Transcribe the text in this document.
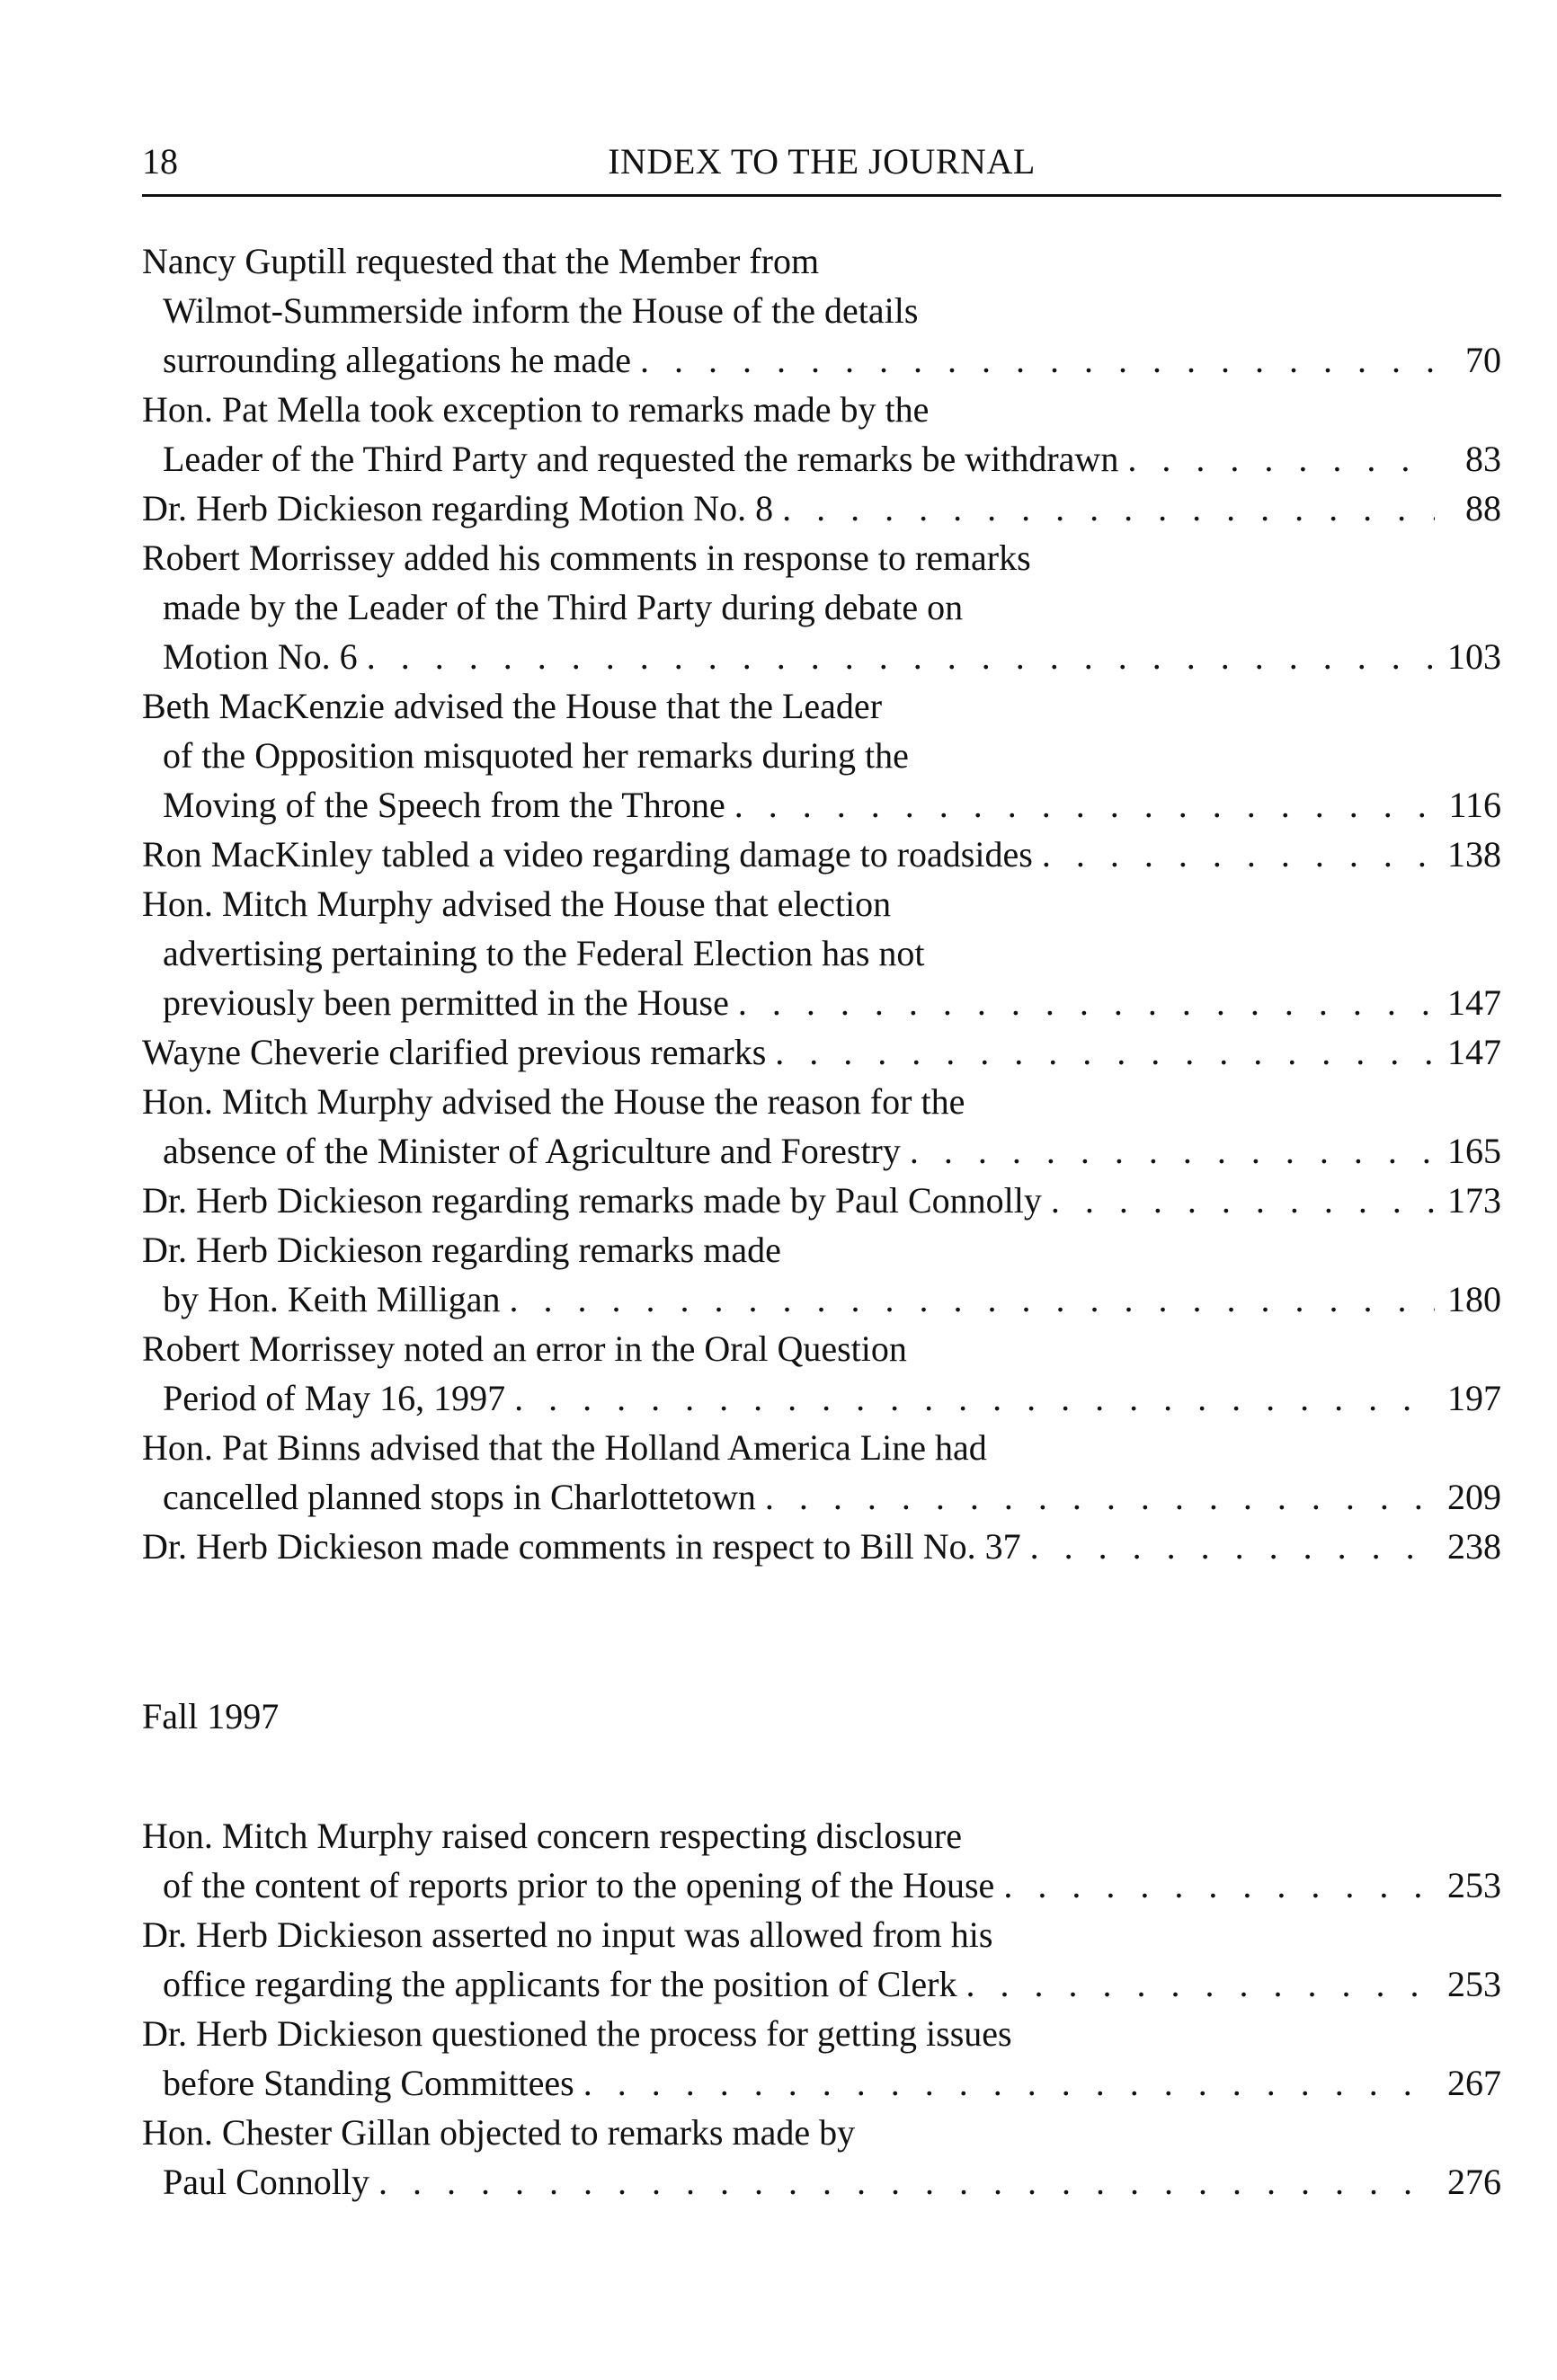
18	INDEX TO THE JOURNAL
Nancy Guptill requested that the Member from
Wilmot-Summerside inform the House of the details
surrounding allegations he made . . .	70
Hon. Pat Mella took exception to remarks made by the
Leader of the Third Party and requested the remarks be withdrawn . . .	83
Dr. Herb Dickieson regarding Motion No. 8 . . .	88
Robert Morrissey added his comments in response to remarks
made by the Leader of the Third Party during debate on
Motion No. 6 . . .	103
Beth MacKenzie advised the House that the Leader
of the Opposition misquoted her remarks during the
Moving of the Speech from the Throne . . .	116
Ron MacKinley tabled a video regarding damage to roadsides . . .	138
Hon. Mitch Murphy advised the House that election
advertising pertaining to the Federal Election has not
previously been permitted in the House . . .	147
Wayne Cheverie clarified previous remarks . . .	147
Hon. Mitch Murphy advised the House the reason for the
absence of the Minister of Agriculture and Forestry . . .	165
Dr. Herb Dickieson regarding remarks made by Paul Connolly . . .	173
Dr. Herb Dickieson regarding remarks made
by Hon. Keith Milligan . . .	180
Robert Morrissey noted an error in the Oral Question
Period of May 16, 1997 . . .	197
Hon. Pat Binns advised that the Holland America Line had
cancelled planned stops in Charlottetown . . .	209
Dr. Herb Dickieson made comments in respect to Bill No. 37 . . .	238
Fall 1997
Hon. Mitch Murphy raised concern respecting disclosure
of the content of reports prior to the opening of the House . . .	253
Dr. Herb Dickieson asserted no input was allowed from his
office regarding the applicants for the position of Clerk . . .	253
Dr. Herb Dickieson questioned the process for getting issues
before Standing Committees . . .	267
Hon. Chester Gillan objected to remarks made by
Paul Connolly . . .	276
